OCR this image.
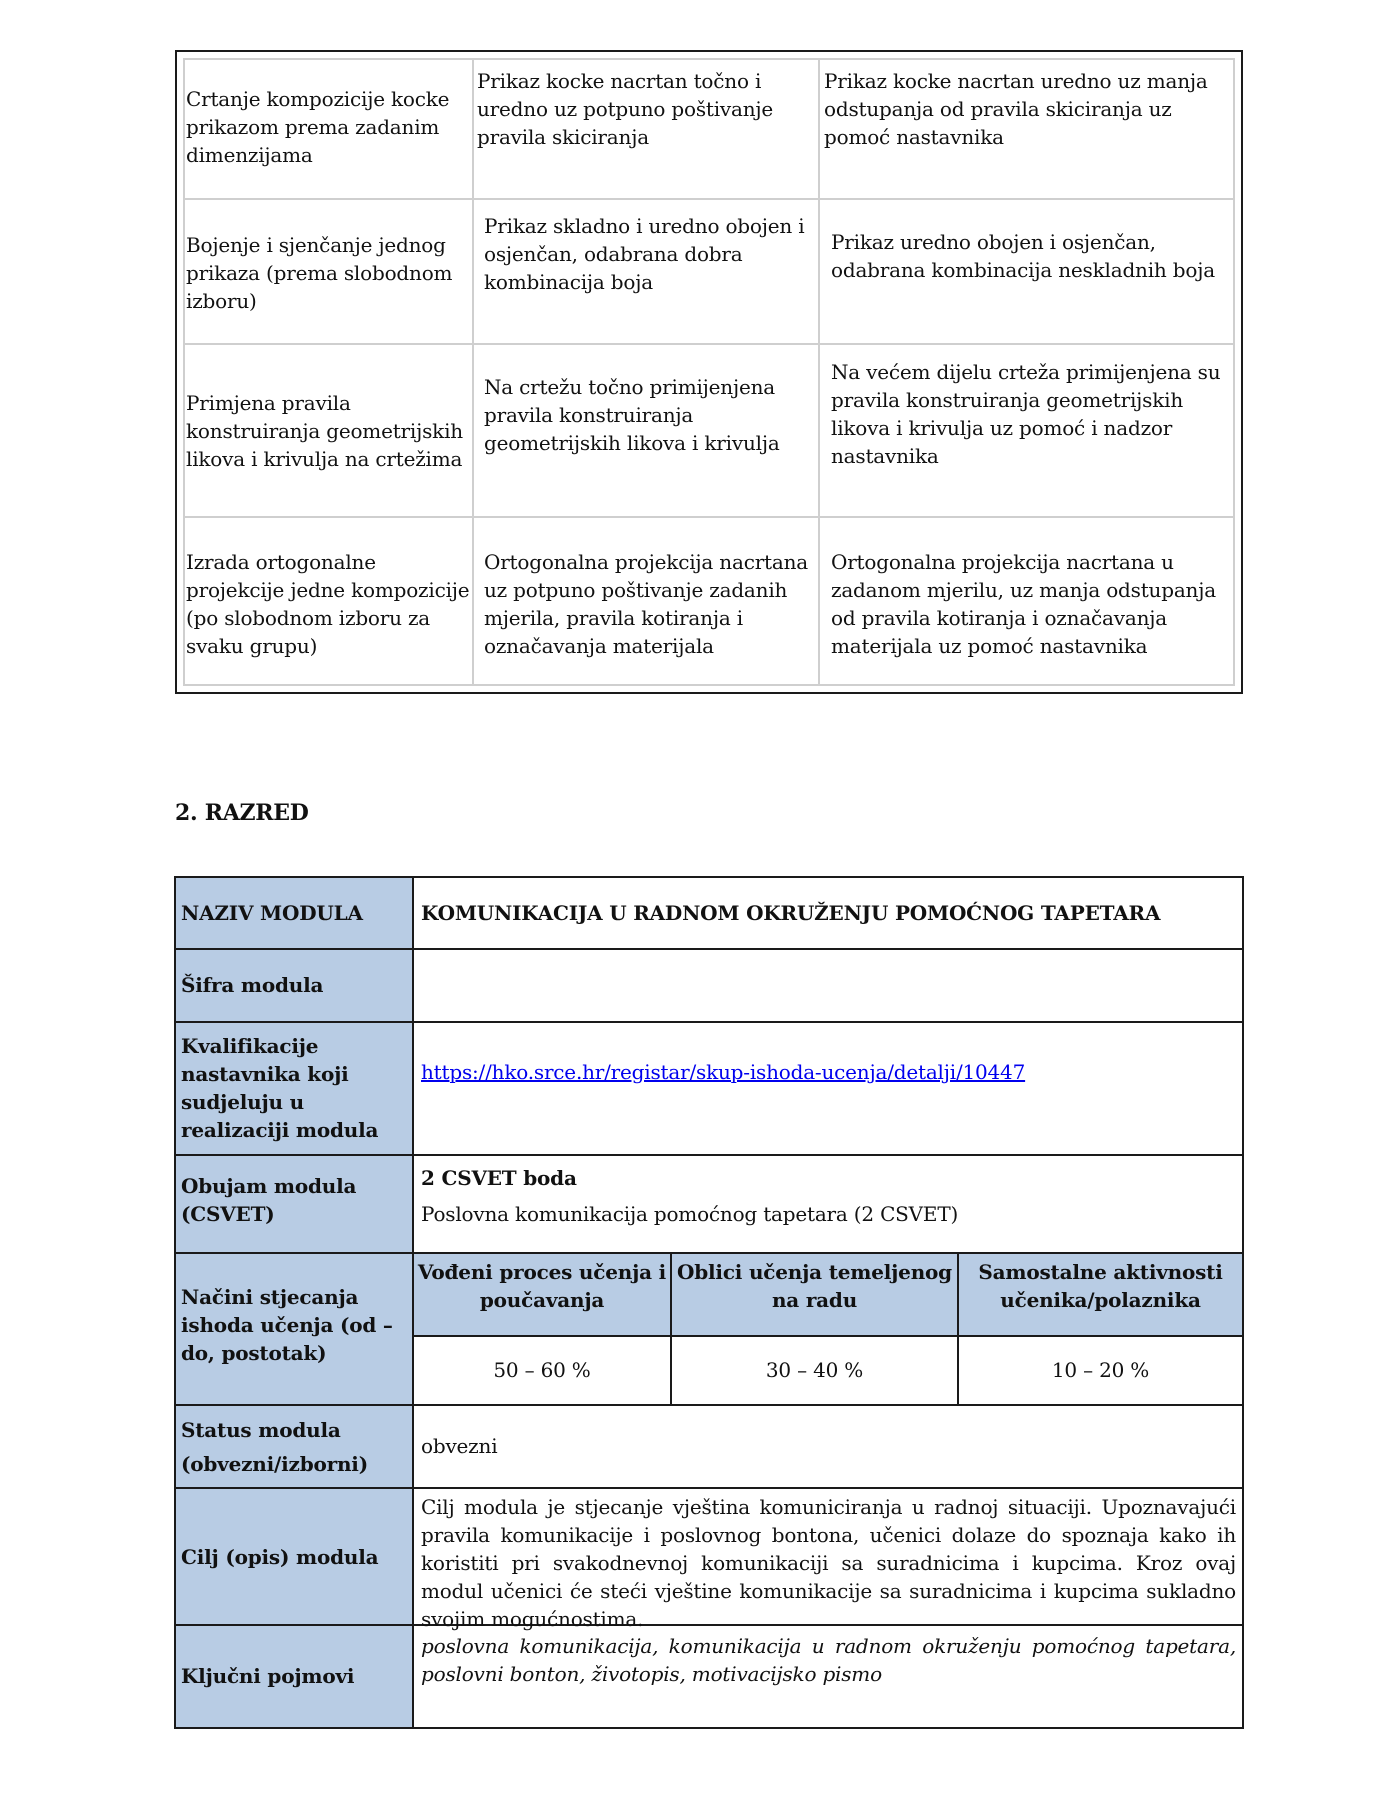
Crtanje kompozicije kocke prikazom prema zadanim dimenzijama
Prikaz kocke nacrtan točno i uredno uz potpuno poštivanje pravila skiciranja
Prikaz kocke nacrtan uredno uz manja odstupanja od pravila skiciranja uz pomoć nastavnika
Bojenje i sjenčanje jednog prikaza (prema slobodnom izboru)
Prikaz skladno i uredno obojen i osjenčan, odabrana dobra kombinacija boja
Prikaz uredno obojen i osjenčan, odabrana kombinacija neskladnih boja
Primjena pravila konstruiranja geometrijskih likova i krivulja na crtežima
Na crtežu točno primijenjena pravila konstruiranja geometrijskih likova i krivulja
Na većem dijelu crteža primijenjena su pravila konstruiranja geometrijskih likova i krivulja uz pomoć i nadzor nastavnika
Izrada ortogonalne projekcije jedne kompozicije (po slobodnom izboru za svaku grupu)
Ortogonalna projekcija nacrtana uz potpuno poštivanje zadanih mjerila, pravila kotiranja i označavanja materijala
Ortogonalna projekcija nacrtana u zadanom mjerilu, uz manja odstupanja od pravila kotiranja i označavanja materijala uz pomoć nastavnika
2. RAZRED
NAZIV MODULA
Šifra modula
Kvalifikacije nastavnika koji sudjeluju u realizaciji modula
Obujam modula (CSVET)
Načini stjecanja ishoda učenja (od – do, postotak)
Status modula (obvezni/izborni)
Cilj (opis) modula
Ključni pojmovi
KOMUNIKACIJA U RADNOM OKRUŽENJU POMOĆNOG TAPETARA
https://hko.srce.hr/registar/skup-ishoda-ucenja/detalji/10447
2 CSVET boda
Poslovna komunikacija pomoćnog tapetara (2 CSVET)
Vođeni proces učenja i poučavanja
Oblici učenja temeljenog na radu
Samostalne aktivnosti učenika/polaznika
50 – 60 %	30 – 40 %	10 – 20 %
obvezni
Cilj modula je stjecanje vještina komuniciranja u radnoj situaciji. Upoznavajući pravila komunikacije i poslovnog bontona, učenici dolaze do spoznaja kako ih koristiti pri svakodnevnoj komunikaciji sa suradnicima i kupcima. Kroz ovaj modul učenici će steći vještine komunikacije sa suradnicima i kupcima sukladno svojim mogućnostima.
poslovna komunikacija, komunikacija u radnom okruženju pomoćnog tapetara, poslovni bonton, životopis, motivacijsko pismo
